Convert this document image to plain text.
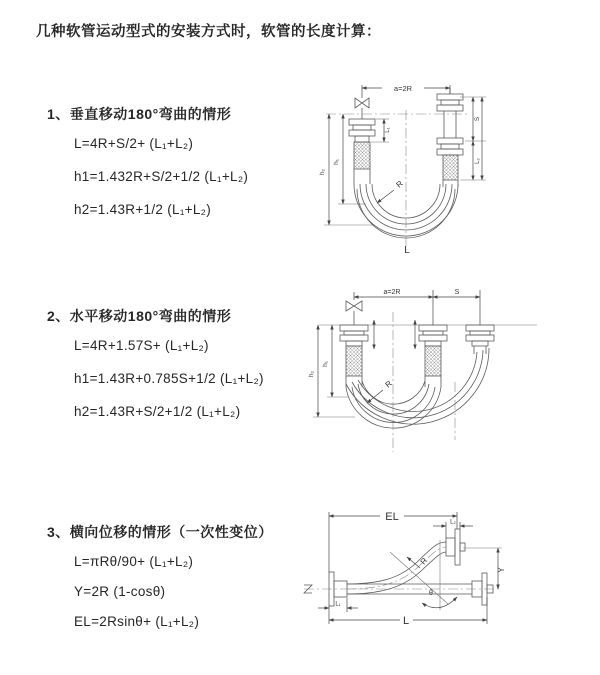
几种软管运动型式的安装方式时，软管的长度计算：
1、垂直移动180°弯曲的情形
L=4R+S/2+ (L₁+L₂)
h1=1.432R+S/2+1/2 (L₁+L₂)
h2=1.43R+1/2 (L₁+L₂)
a=2R
S
L₂
L₁
h₁
h₂
R
L
2、水平移动180°弯曲的情形
L=4R+1.57S+ (L₁+L₂)
h1=1.43R+0.785S+1/2 (L₁+L₂)
h2=1.43R+S/2+1/2 (L₁+L₂)
a=2R	S
h₁
h₂
R
3、横向位移的情形（一次性变位）
L=πRθ/90+ (L₁+L₂)
Y=2R (1-cosθ)
EL=2Rsinθ+ (L₁+L₂)
EL	L₂
Y
θ
R
L₁
L
